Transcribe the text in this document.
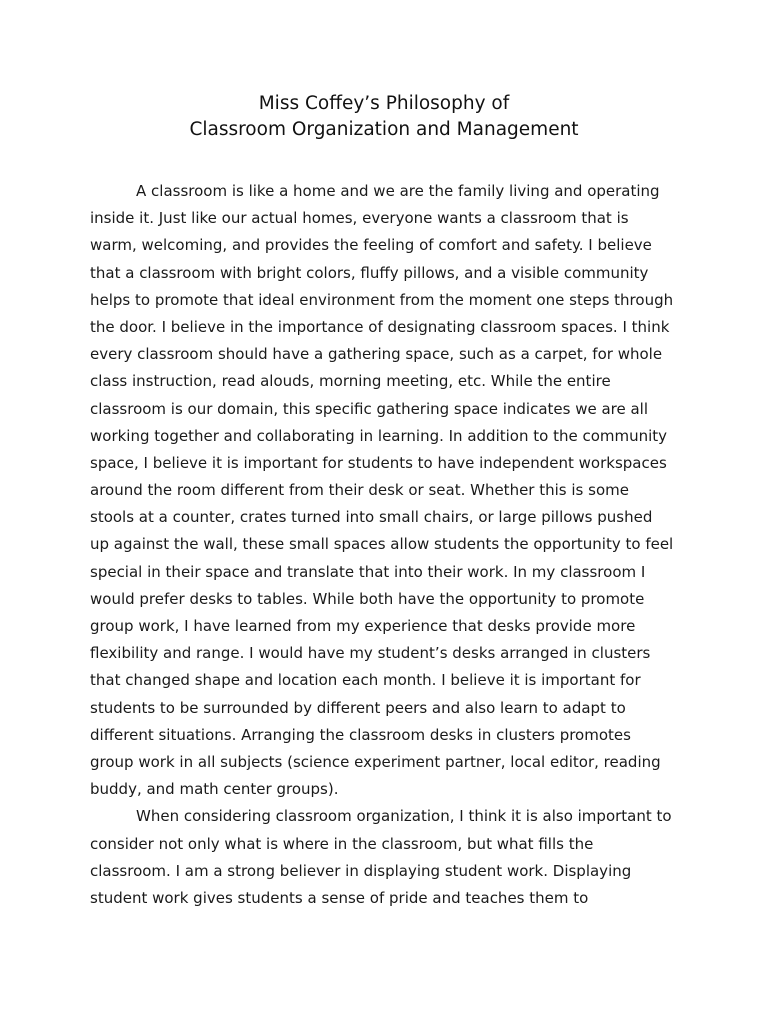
Miss Coffey’s Philosophy of
Classroom Organization and Management
A classroom is like a home and we are the family living and operating
inside it. Just like our actual homes, everyone wants a classroom that is
warm, welcoming, and provides the feeling of comfort and safety. I believe
that a classroom with bright colors, fluffy pillows, and a visible community
helps to promote that ideal environment from the moment one steps through
the door. I believe in the importance of designating classroom spaces. I think
every classroom should have a gathering space, such as a carpet, for whole
class instruction, read alouds, morning meeting, etc. While the entire
classroom is our domain, this specific gathering space indicates we are all
working together and collaborating in learning. In addition to the community
space, I believe it is important for students to have independent workspaces
around the room different from their desk or seat. Whether this is some
stools at a counter, crates turned into small chairs, or large pillows pushed
up against the wall, these small spaces allow students the opportunity to feel
special in their space and translate that into their work. In my classroom I
would prefer desks to tables. While both have the opportunity to promote
group work, I have learned from my experience that desks provide more
flexibility and range. I would have my student’s desks arranged in clusters
that changed shape and location each month. I believe it is important for
students to be surrounded by different peers and also learn to adapt to
different situations. Arranging the classroom desks in clusters promotes
group work in all subjects (science experiment partner, local editor, reading
buddy, and math center groups).
When considering classroom organization, I think it is also important to
consider not only what is where in the classroom, but what fills the
classroom. I am a strong believer in displaying student work. Displaying
student work gives students a sense of pride and teaches them to
